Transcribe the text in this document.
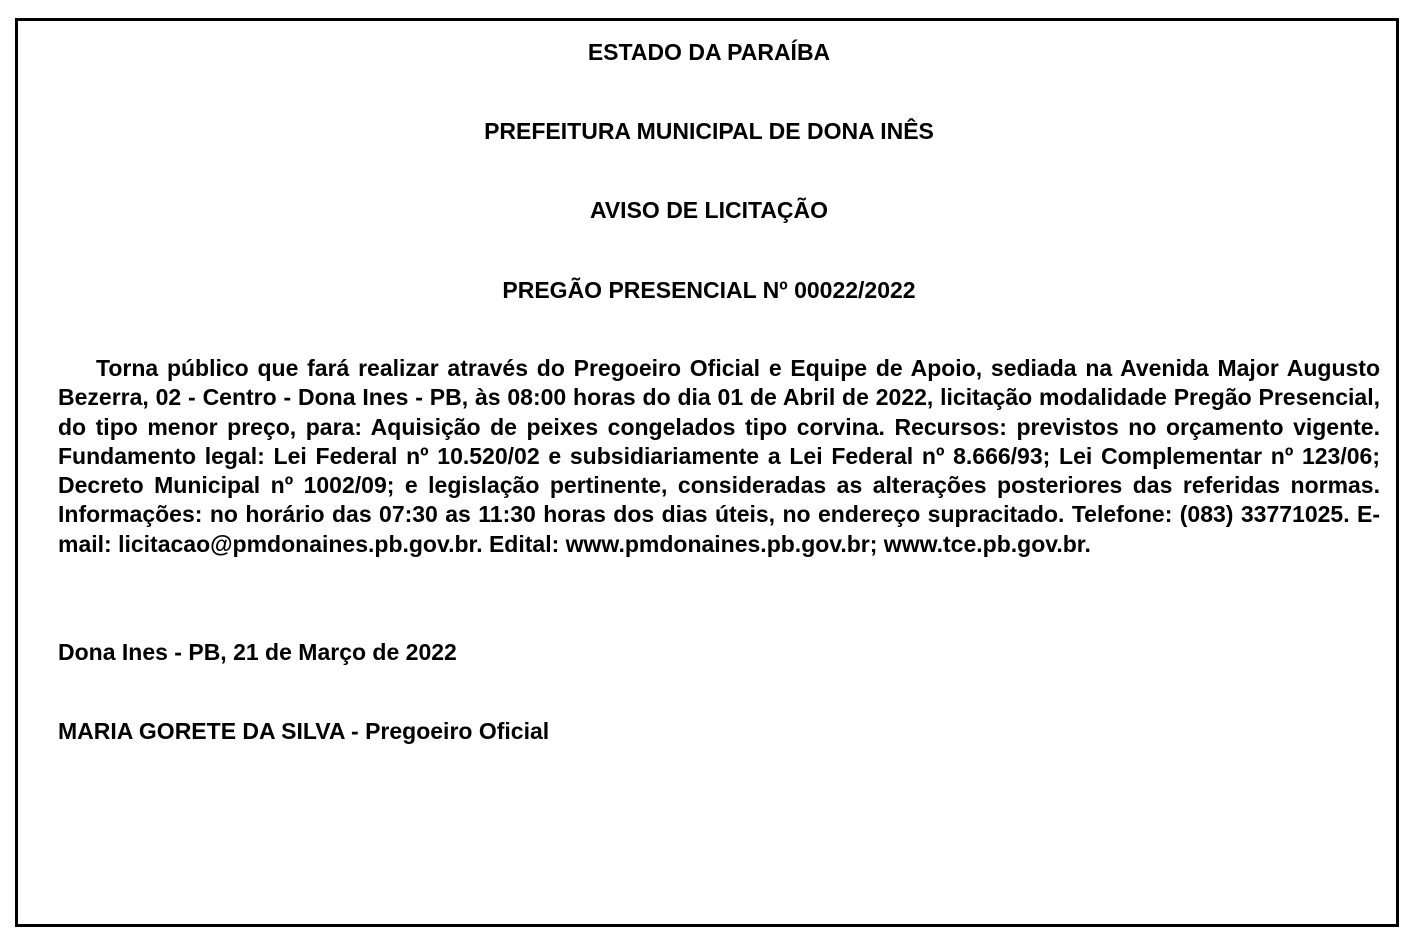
ESTADO DA PARAÍBA

PREFEITURA MUNICIPAL DE DONA INÊS

AVISO DE LICITAÇÃO

PREGÃO PRESENCIAL Nº 00022/2022

Torna público que fará realizar através do Pregoeiro Oficial e Equipe de Apoio, sediada na Avenida Major Augusto Bezerra, 02 - Centro - Dona Ines - PB, às 08:00 horas do dia 01 de Abril de 2022, licitação modalidade Pregão Presencial, do tipo menor preço, para: Aquisição de peixes congelados tipo corvina. Recursos: previstos no orçamento vigente. Fundamento legal: Lei Federal nº 10.520/02 e subsidiariamente a Lei Federal nº 8.666/93; Lei Complementar nº 123/06; Decreto Municipal nº 1002/09; e legislação pertinente, consideradas as alterações posteriores das referidas normas. Informações: no horário das 07:30 as 11:30 horas dos dias úteis, no endereço supracitado. Telefone: (083) 33771025. E-mail: licitacao@pmdonaines.pb.gov.br. Edital: www.pmdonaines.pb.gov.br; www.tce.pb.gov.br.

Dona Ines - PB, 21 de Março de 2022

MARIA GORETE DA SILVA - Pregoeiro Oficial
